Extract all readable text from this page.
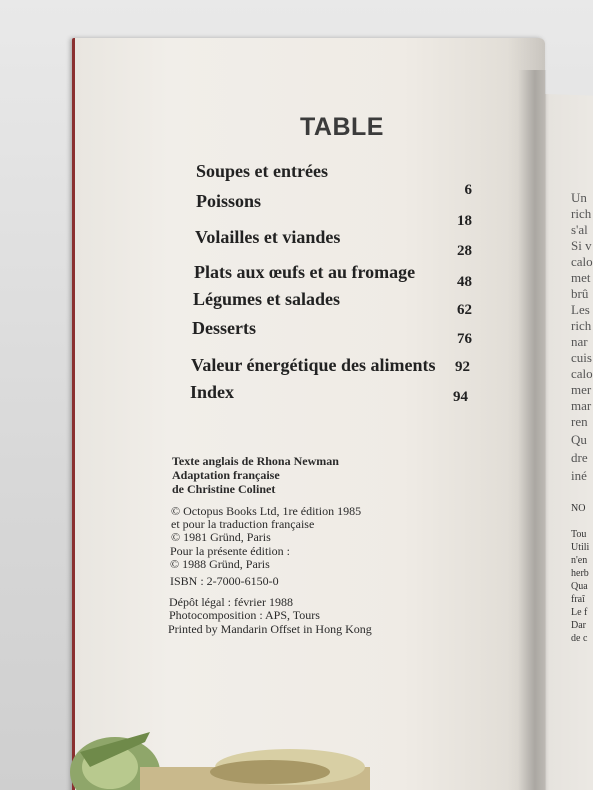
TABLE
Soupes et entrées
Poissons
Volailles et viandes
Plats aux œufs et au fromage
Légumes et salades
Desserts
Valeur énergétique des aliments
Index
6
18
28
48
62
76
92
94
Texte anglais de Rhona Newman
Adaptation française
de Christine Colinet
© Octopus Books Ltd, 1re édition 1985
et pour la traduction française
© 1981 Gründ, Paris
Pour la présente édition :
© 1988 Gründ, Paris
ISBN : 2-7000-6150-0
Dépôt légal : février 1988
Photocomposition : APS, Tours
Printed by Mandarin Offset in Hong Kong
Un
rich
s'al
Si v
calo
met
brû
Les
rich
nar
cuis
calo
mer
mar
ren
Qu
dre
iné
NO
Tou
Utili
n'en
herb
Qua
fraî
Le f
Dar
de c
